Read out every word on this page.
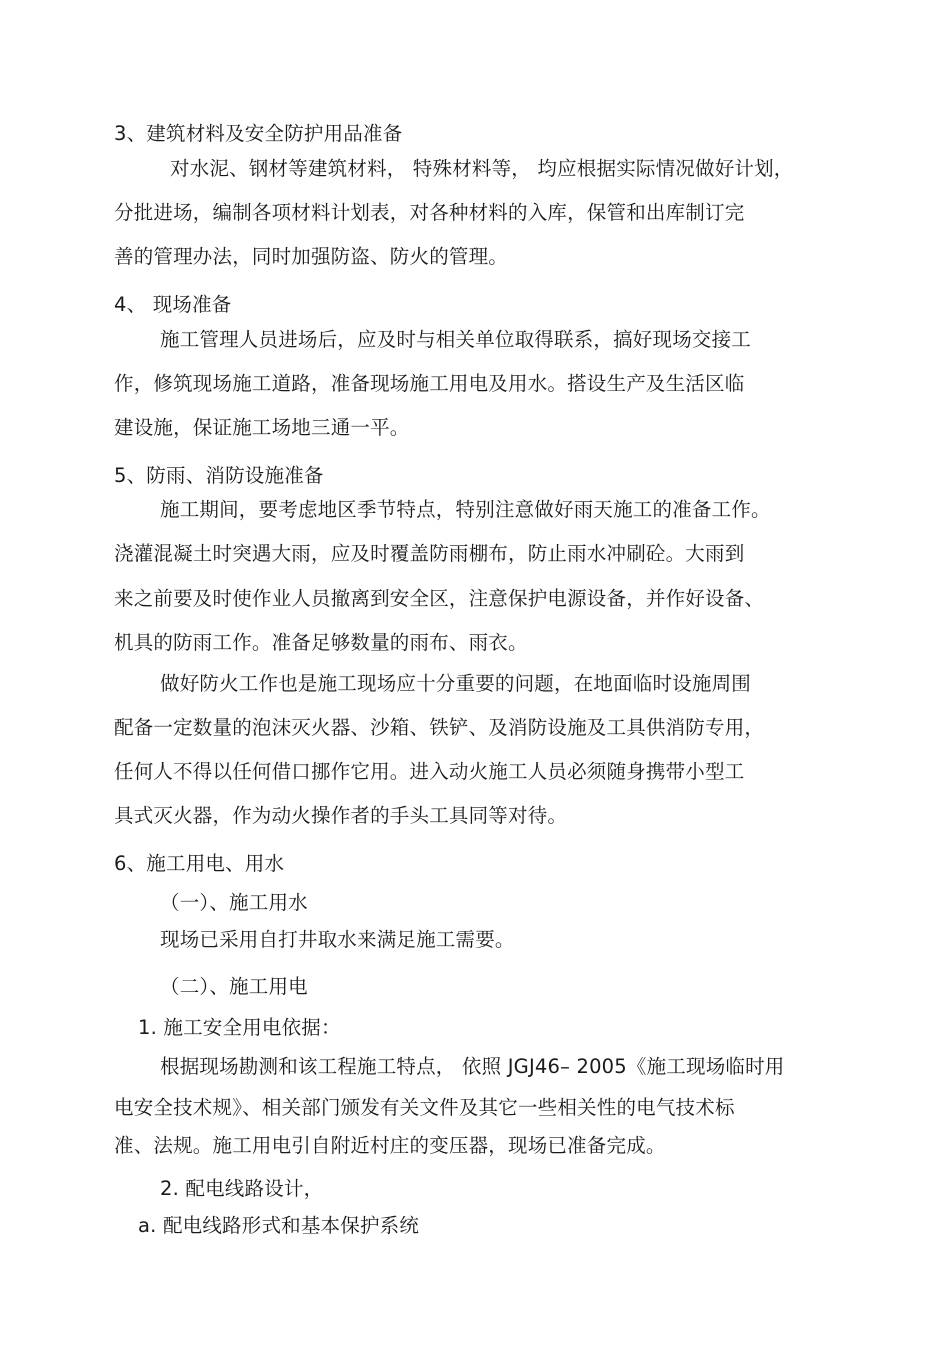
3、建筑材料及安全防护用品准备
对水泥、钢材等建筑材料， 特殊材料等， 均应根据实际情况做好计划，
分批进场，编制各项材料计划表，对各种材料的入库，保管和出库制订完
善的管理办法，同时加强防盗、防火的管理。
4、 现场准备
施工管理人员进场后，应及时与相关单位取得联系，搞好现场交接工
作，修筑现场施工道路，准备现场施工用电及用水。搭设生产及生活区临
建设施，保证施工场地三通一平。
5、防雨、消防设施准备
施工期间，要考虑地区季节特点，特别注意做好雨天施工的准备工作。
浇灌混凝土时突遇大雨，应及时覆盖防雨棚布，防止雨水冲刷砼。大雨到
来之前要及时使作业人员撤离到安全区，注意保护电源设备，并作好设备、
机具的防雨工作。准备足够数量的雨布、雨衣。
做好防火工作也是施工现场应十分重要的问题，在地面临时设施周围
配备一定数量的泡沫灭火器、沙箱、铁铲、及消防设施及工具供消防专用，
任何人不得以任何借口挪作它用。进入动火施工人员必须随身携带小型工
具式灭火器，作为动火操作者的手头工具同等对待。
6、施工用电、用水
（一）、施工用水
现场已采用自打井取水来满足施工需要。
（二）、施工用电
1. 施工安全用电依据：
根据现场勘测和该工程施工特点， 依照 JGJ46– 2005《施工现场临时用
电安全技术规》、相关部门颁发有关文件及其它一些相关性的电气技术标
准、法规。施工用电引自附近村庄的变压器，现场已准备完成。
2. 配电线路设计，
a. 配电线路形式和基本保护系统
